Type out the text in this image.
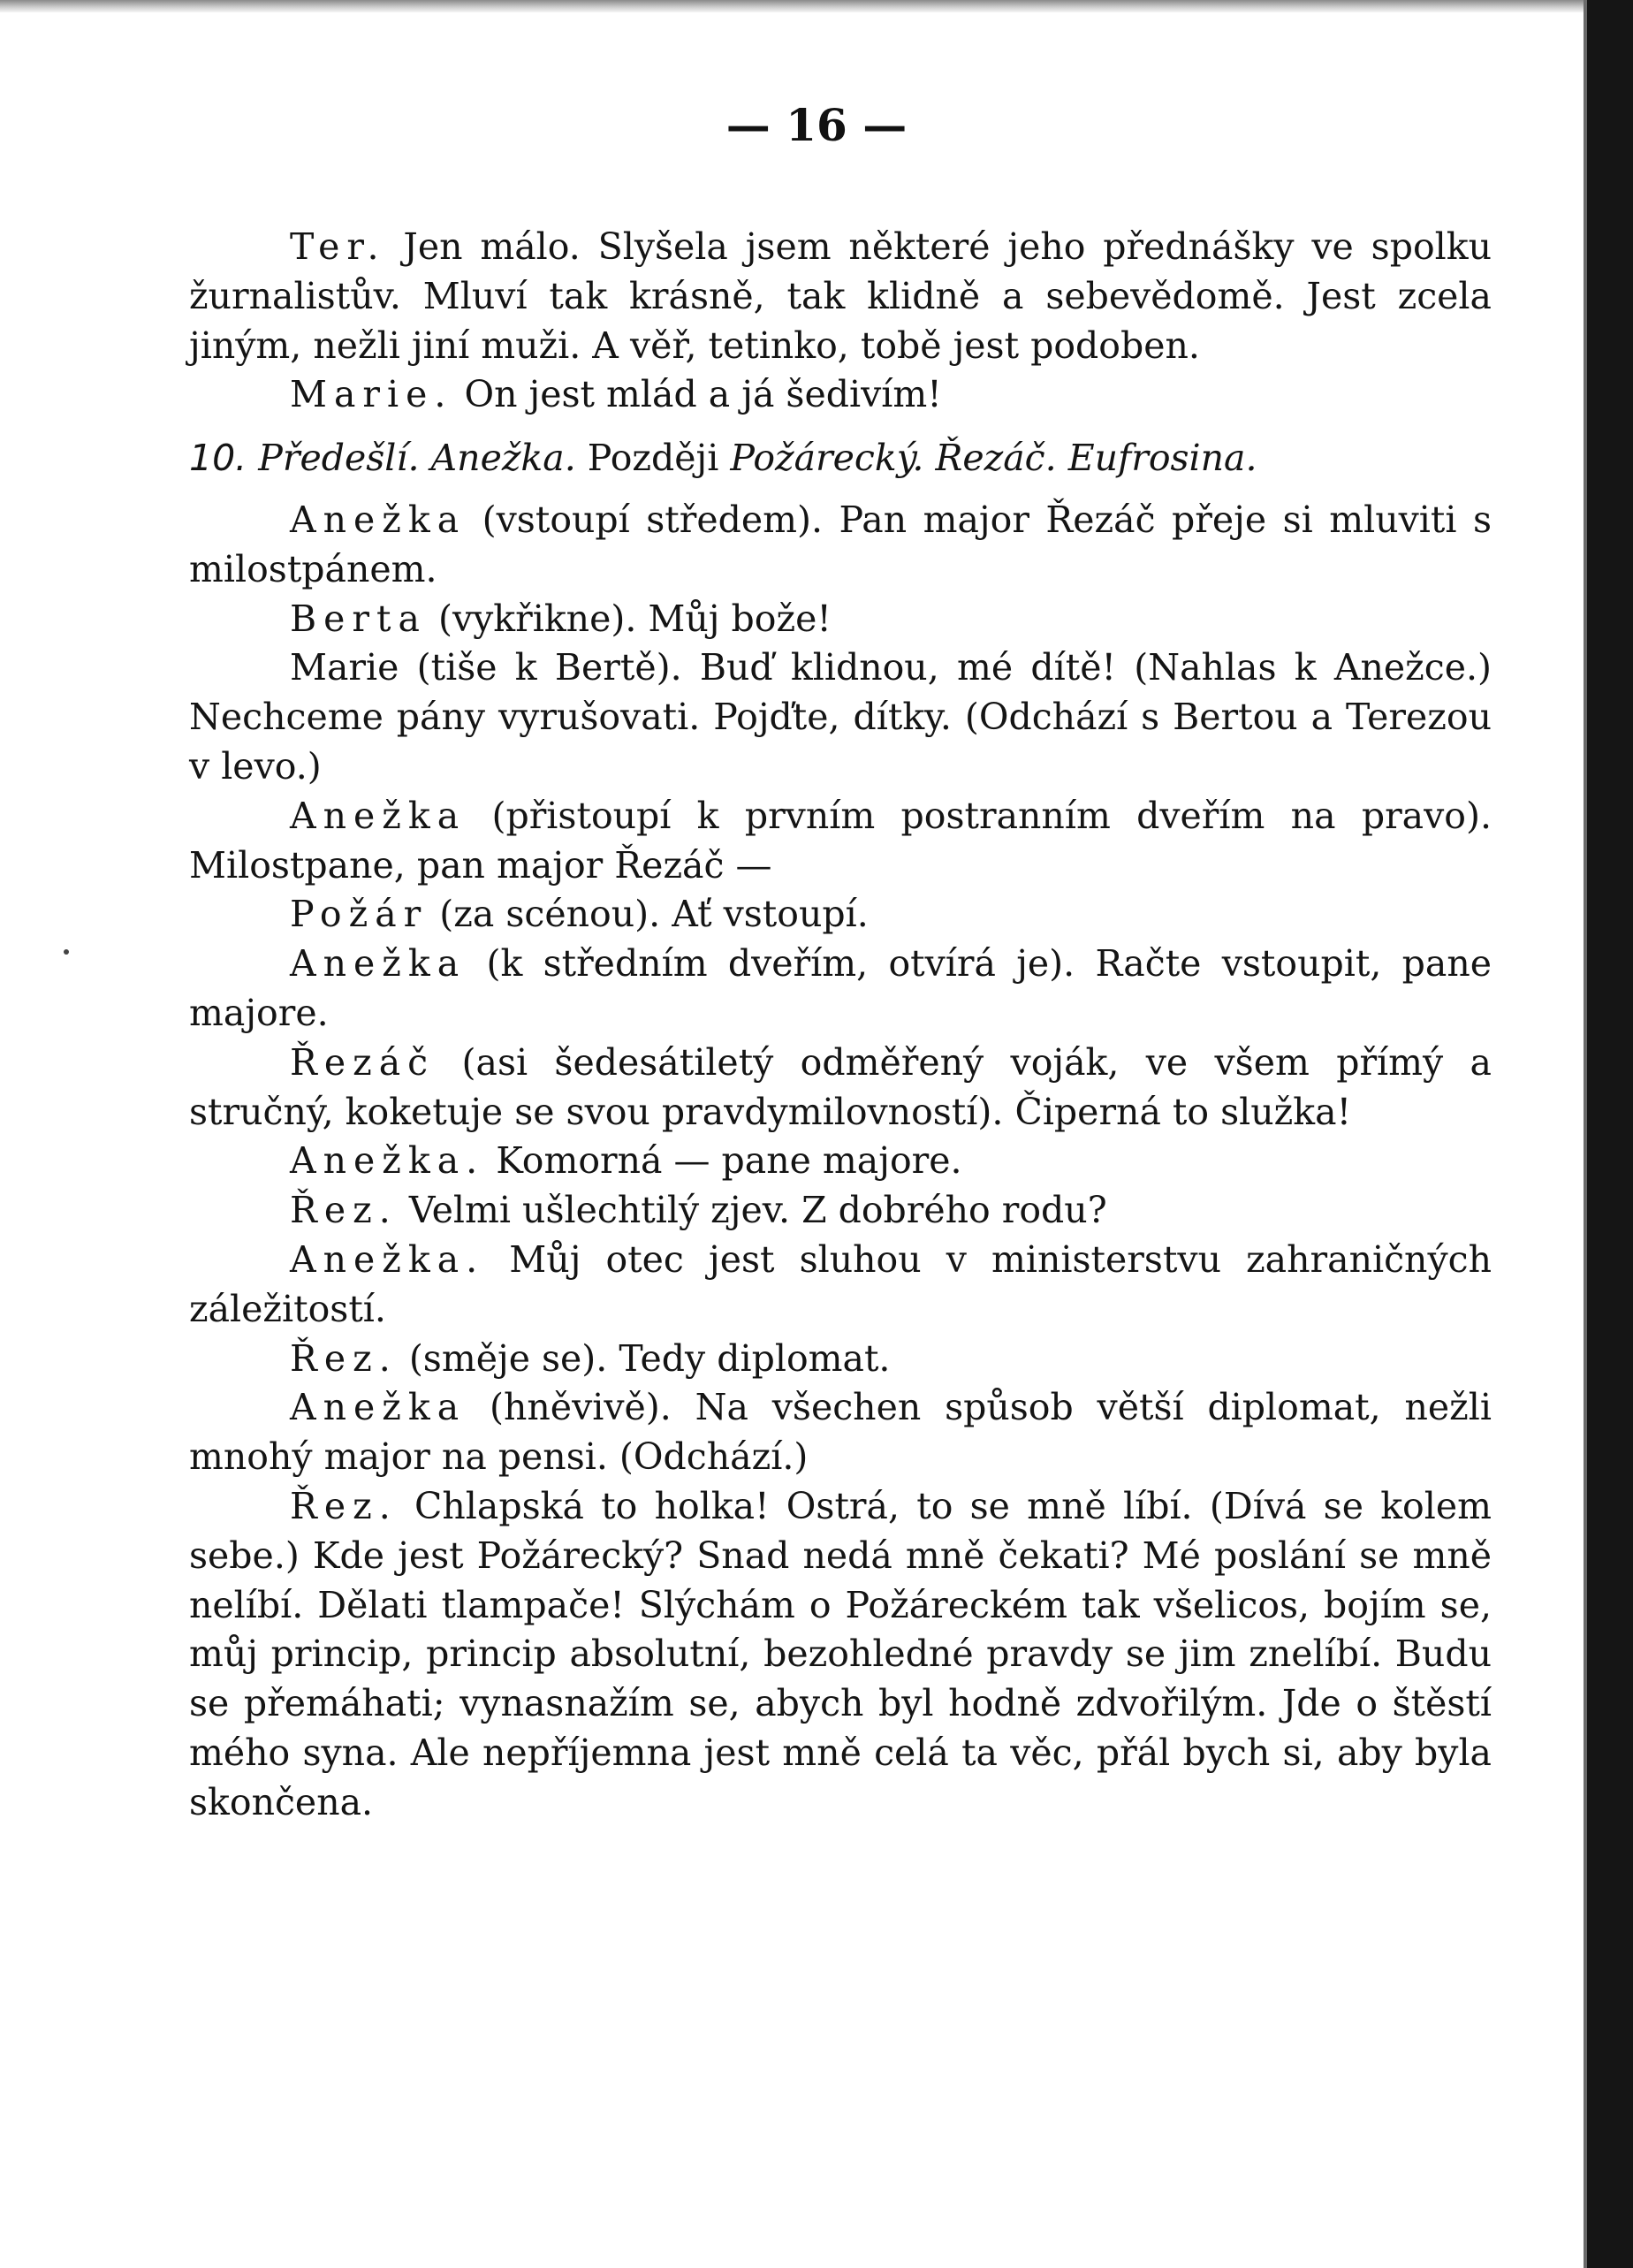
— 16 —

Ter. Jen málo. Slyšela jsem některé jeho přednášky ve spolku žurnalistův. Mluví tak krásně, tak klidně a sebevědomě. Jest zcela jiným, nežli jiní muži. A věř, tetinko, tobě jest podoben.

Marie. On jest mlád a já šedivím!

10. Předešlí. Anežka. Později Požárecký. Řezáč. Eufrosina.

Anežka (vstoupí středem). Pan major Řezáč přeje si mluviti s milostpánem.

Berta (vykřikne). Můj bože!

Marie (tiše k Bertě). Buď klidnou, mé dítě! (Nahlas k Anežce.) Nechceme pány vyrušovati. Pojďte, dítky. (Odchází s Bertou a Terezou v levo.)

Anežka (přistoupí k prvním postranním dveřím na pravo). Milostpane, pan major Řezáč —

Požár (za scénou). Ať vstoupí.

Anežka (k středním dveřím, otvírá je). Račte vstoupit, pane majore.

Řezáč (asi šedesátiletý odměřený voják, ve všem přímý a stručný, koketuje se svou pravdymilovností). Čiperná to služka!

Anežka. Komorná — pane majore.

Řez. Velmi ušlechtilý zjev. Z dobrého rodu?

Anežka. Můj otec jest sluhou v ministerstvu zahraničných záležitostí.

Řez. (směje se). Tedy diplomat.

Anežka (hněvivě). Na všechen spůsob větší diplomat, nežli mnohý major na pensi. (Odchází.)

Řez. Chlapská to holka! Ostrá, to se mně líbí. (Dívá se kolem sebe.) Kde jest Požárecký? Snad nedá mně čekati? Mé poslání se mně nelíbí. Dělati tlampače! Slýchám o Požáreckém tak všelicos, bojím se, můj princip, princip absolutní, bezohledné pravdy se jim znelíbí. Budu se přemáhati; vynasnažím se, abych byl hodně zdvořilým. Jde o štěstí mého syna. Ale nepříjemna jest mně celá ta věc, přál bych si, aby byla skončena.
